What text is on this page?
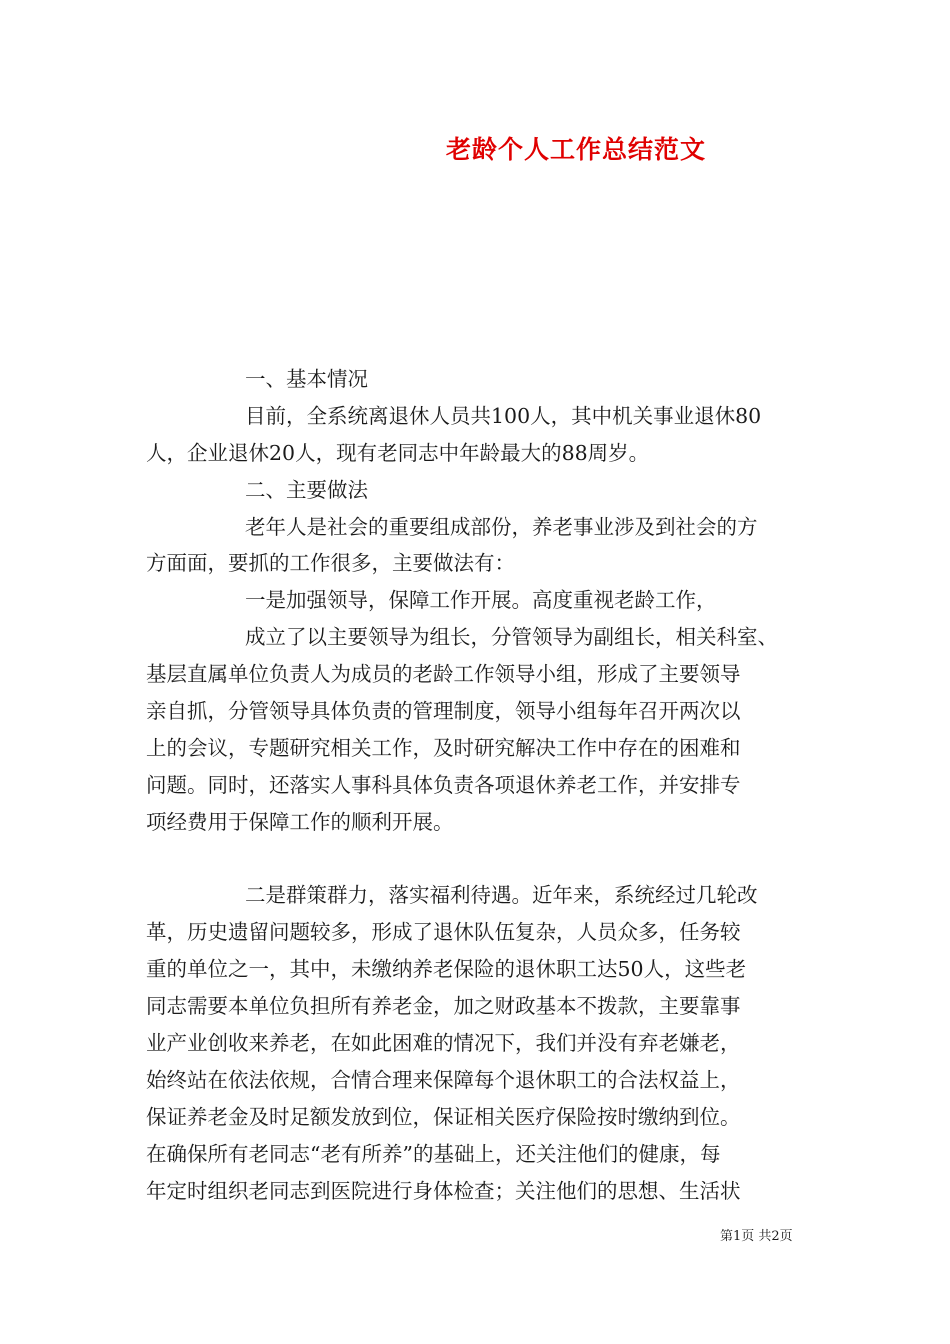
老龄个人工作总结范文
一、基本情况
目前，全系统离退休人员共100人，其中机关事业退休80
人，企业退休20人，现有老同志中年龄最大的88周岁。
二、主要做法
老年人是社会的重要组成部份，养老事业涉及到社会的方
方面面，要抓的工作很多，主要做法有：
一是加强领导，保障工作开展。高度重视老龄工作，
成立了以主要领导为组长，分管领导为副组长，相关科室、
基层直属单位负责人为成员的老龄工作领导小组，形成了主要领导
亲自抓，分管领导具体负责的管理制度，领导小组每年召开两次以
上的会议，专题研究相关工作，及时研究解决工作中存在的困难和
问题。同时，还落实人事科具体负责各项退休养老工作，并安排专
项经费用于保障工作的顺利开展。
二是群策群力，落实福利待遇。近年来，系统经过几轮改
革，历史遗留问题较多，形成了退休队伍复杂，人员众多，任务较
重的单位之一，其中，未缴纳养老保险的退休职工达50人，这些老
同志需要本单位负担所有养老金，加之财政基本不拨款，主要靠事
业产业创收来养老，在如此困难的情况下，我们并没有弃老嫌老，
始终站在依法依规，合情合理来保障每个退休职工的合法权益上，
保证养老金及时足额发放到位，保证相关医疗保险按时缴纳到位。
在确保所有老同志“老有所养”的基础上，还关注他们的健康，每
年定时组织老同志到医院进行身体检查；关注他们的思想、生活状
第1页 共2页
